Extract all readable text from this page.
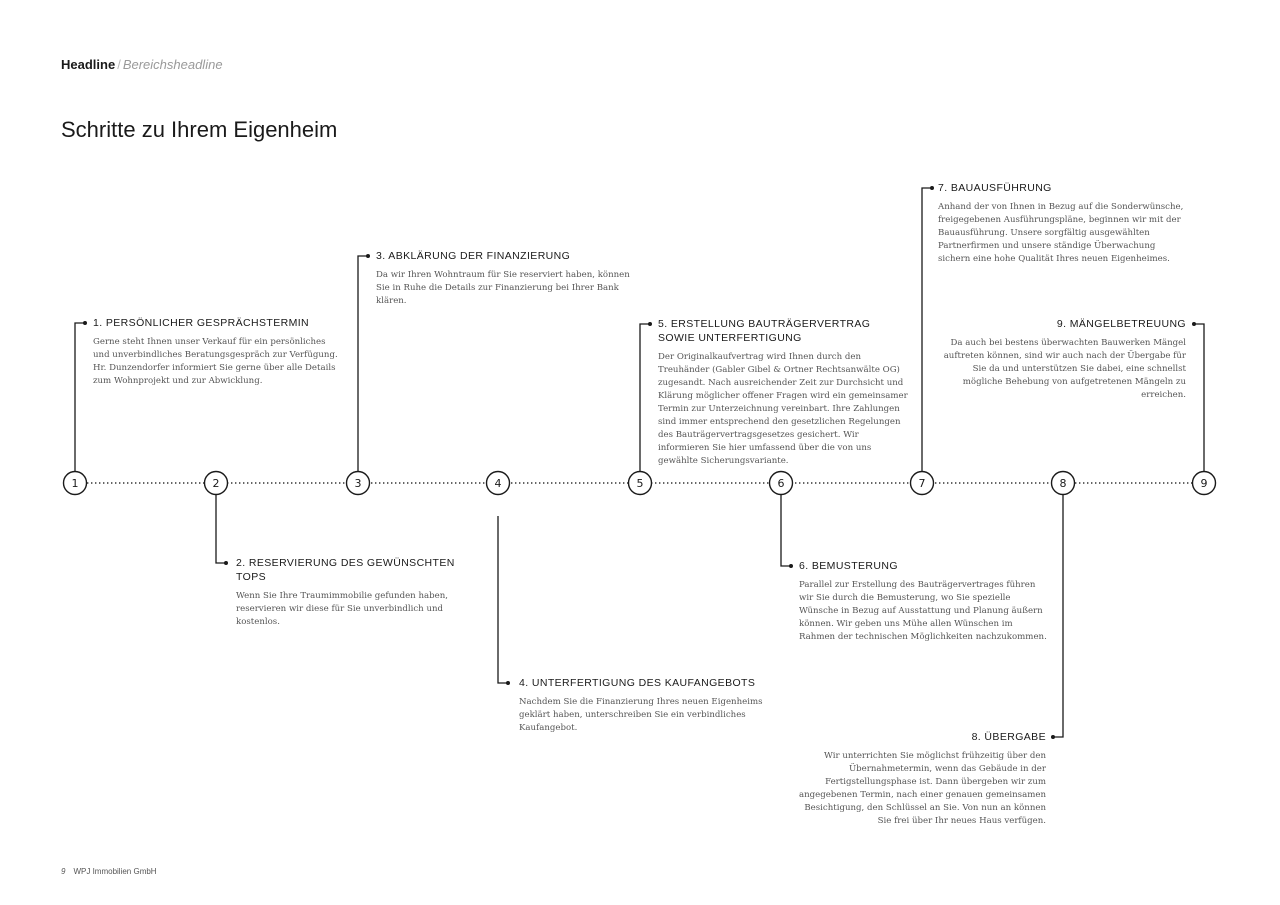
Headline / Bereichsheadline
Schritte zu Ihrem Eigenheim
1	2	3	4	5	6	7	8	9
1. PERSÖNLICHER GESPRÄCHSTERMIN
Gerne steht Ihnen unser Verkauf für ein persönliches und unverbindliches Beratungsgespräch zur Verfügung. Hr. Dunzendorfer informiert Sie gerne über alle Details zum Wohnprojekt und zur Abwicklung.
2. RESERVIERUNG DES GEWÜNSCHTEN TOPS
Wenn Sie Ihre Traumimmobilie gefunden haben, reservieren wir diese für Sie unverbindlich und kostenlos.
3. ABKLÄRUNG DER FINANZIERUNG
Da wir Ihren Wohntraum für Sie reserviert haben, können Sie in Ruhe die Details zur Finanzierung bei Ihrer Bank klären.
4. UNTERFERTIGUNG DES KAUFANGEBOTS
Nachdem Sie die Finanzierung Ihres neuen Eigenheims geklärt haben, unterschreiben Sie ein verbindliches Kaufangebot.
5. ERSTELLUNG BAUTRÄGERVERTRAG SOWIE UNTERFERTIGUNG
Der Originalkaufvertrag wird Ihnen durch den Treuhänder (Gabler Gibel & Ortner Rechtsanwälte OG) zugesandt. Nach ausreichender Zeit zur Durchsicht und Klärung möglicher offener Fragen wird ein gemeinsamer Termin zur Unterzeichnung vereinbart. Ihre Zahlungen sind immer entsprechend den gesetzlichen Regelungen des Bauträgervertragsgesetzes gesichert. Wir informieren Sie hier umfassend über die von uns gewählte Sicherungsvariante.
6. BEMUSTERUNG
Parallel zur Erstellung des Bauträgervertrages führen wir Sie durch die Bemusterung, wo Sie spezielle Wünsche in Bezug auf Ausstattung und Planung äußern können. Wir geben uns Mühe allen Wünschen im Rahmen der technischen Möglichkeiten nachzukommen.
7. BAUAUSFÜHRUNG
Anhand der von Ihnen in Bezug auf die Sonderwünsche, freigegebenen Ausführungspläne, beginnen wir mit der Bauausführung. Unsere sorgfältig ausgewählten Partnerfirmen und unsere ständige Überwachung sichern eine hohe Qualität Ihres neuen Eigenheimes.
8. ÜBERGABE
Wir unterrichten Sie möglichst frühzeitig über den Übernahmetermin, wenn das Gebäude in der Fertigstellungsphase ist. Dann übergeben wir zum angegebenen Termin, nach einer genauen gemeinsamen Besichtigung, den Schlüssel an Sie. Von nun an können Sie frei über Ihr neues Haus verfügen.
9. MÄNGELBETREUUNG
Da auch bei bestens überwachten Bauwerken Mängel auftreten können, sind wir auch nach der Übergabe für Sie da und unterstützen Sie dabei, eine schnellst mögliche Behebung von aufgetretenen Mängeln zu erreichen.
9 WPJ Immobilien GmbH
